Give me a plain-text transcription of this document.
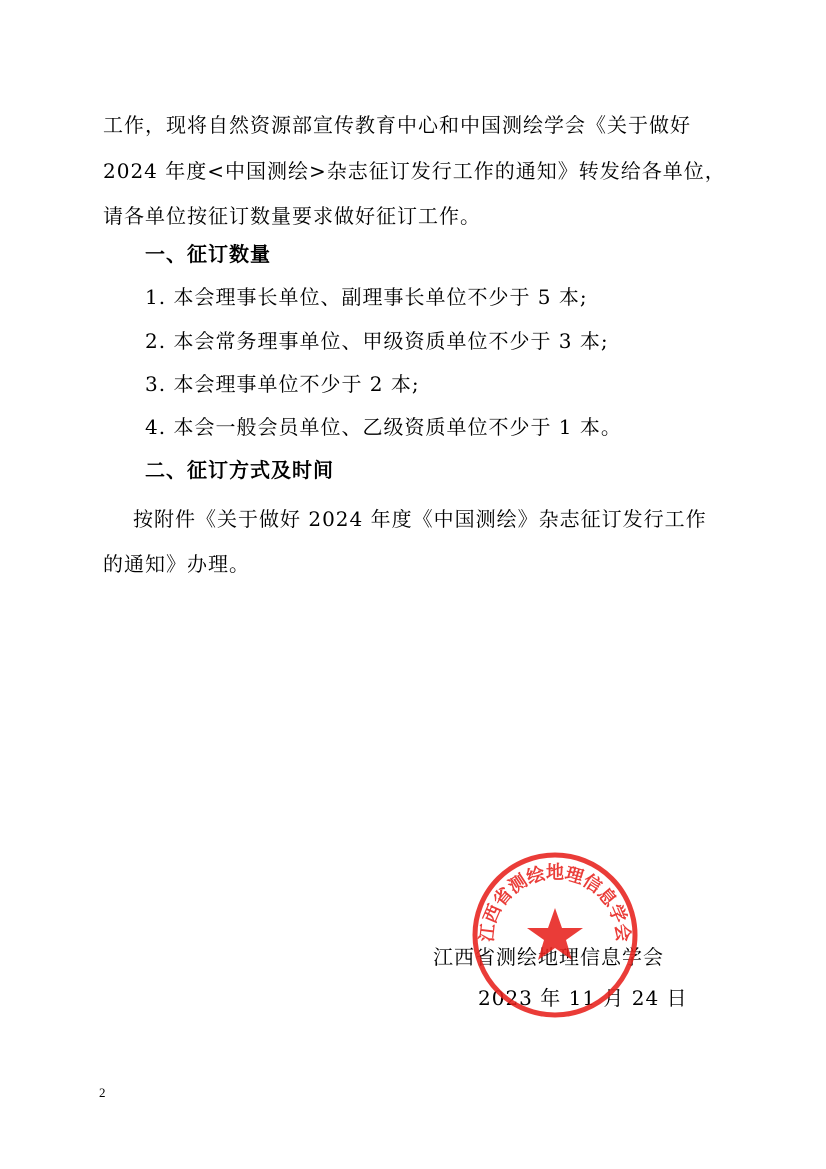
工作，现将自然资源部宣传教育中心和中国测绘学会《关于做好
2024 年度<中国测绘>杂志征订发行工作的通知》转发给各单位，
请各单位按征订数量要求做好征订工作。
一、征订数量
1. 本会理事长单位、副理事长单位不少于 5 本;
2. 本会常务理事单位、甲级资质单位不少于 3 本;
3. 本会理事单位不少于 2 本;
4. 本会一般会员单位、乙级资质单位不少于 1 本。
二、征订方式及时间
按附件《关于做好 2024 年度《中国测绘》杂志征订发行工作
的通知》办理。
江西省测绘地理信息学会
2023 年 11 月 24 日
江西省测绘地理信息学会
2
